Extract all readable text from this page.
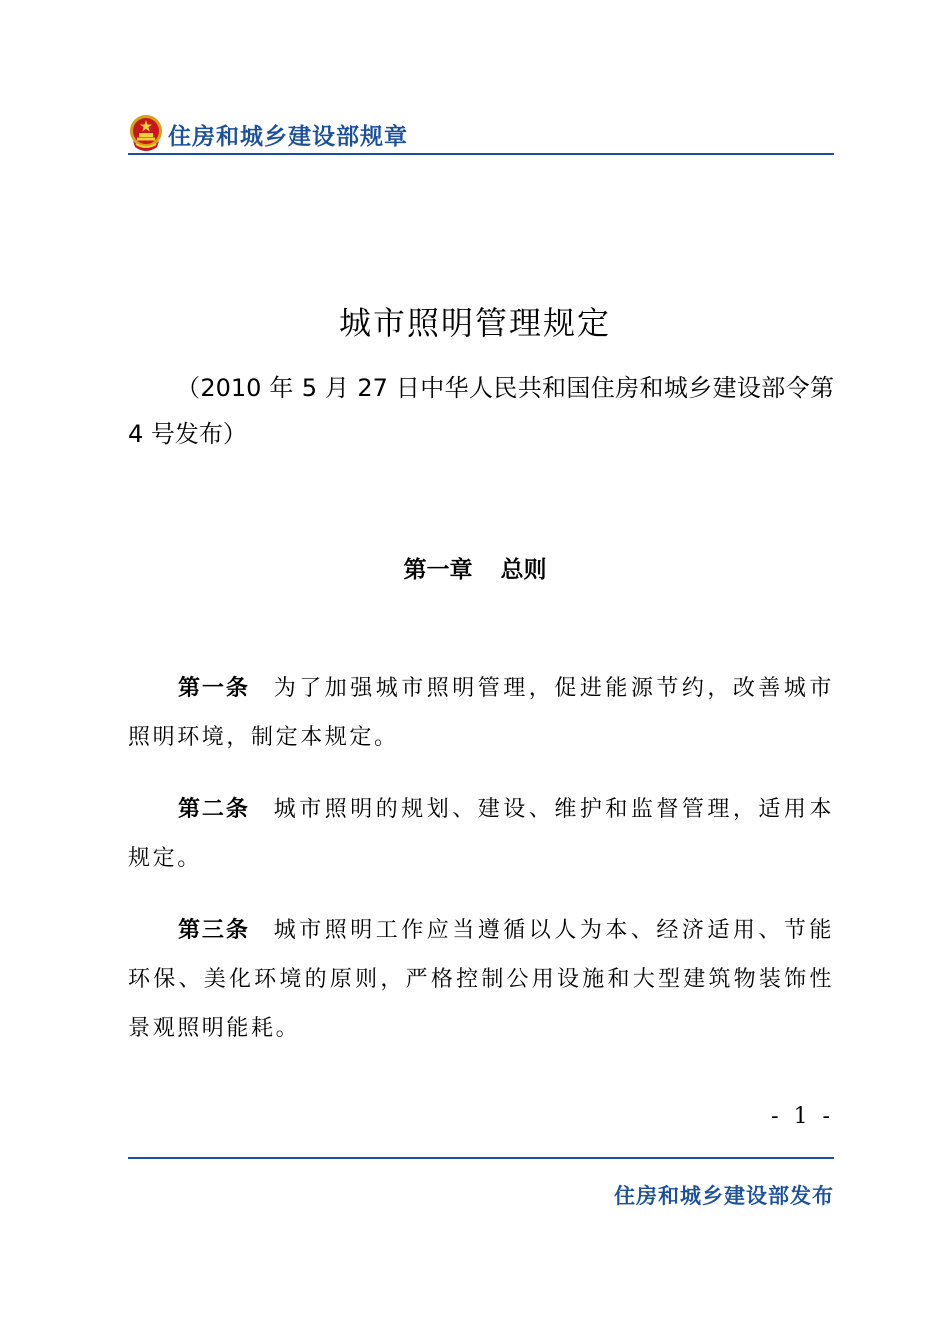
住房和城乡建设部规章
城市照明管理规定
（2010 年 5 月 27 日中华人民共和国住房和城乡建设部令第 4 号发布）
第一章 总则
第一条 为了加强城市照明管理，促进能源节约，改善城市照明环境，制定本规定。
第二条 城市照明的规划、建设、维护和监督管理，适用本规定。
第三条 城市照明工作应当遵循以人为本、经济适用、节能环保、美化环境的原则，严格控制公用设施和大型建筑物装饰性景观照明能耗。
- 1 -
住房和城乡建设部发布
